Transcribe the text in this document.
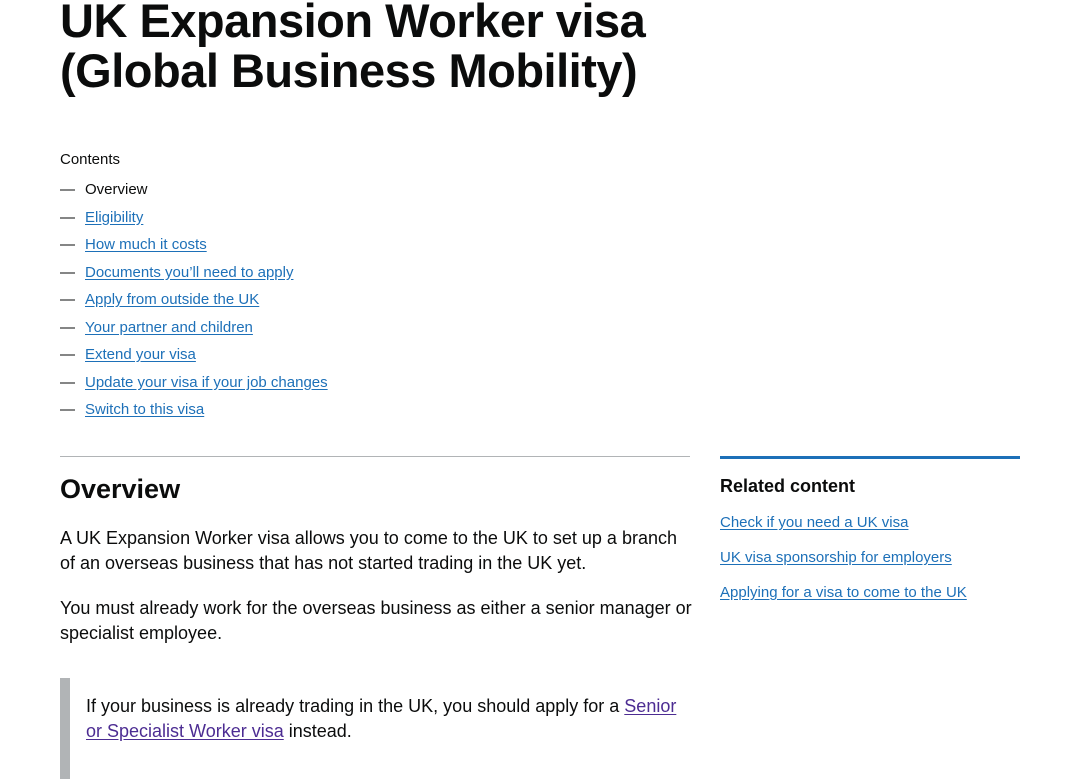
UK Expansion Worker visa (Global Business Mobility)
Contents
— Overview
— Eligibility
— How much it costs
— Documents you’ll need to apply
— Apply from outside the UK
— Your partner and children
— Extend your visa
— Update your visa if your job changes
— Switch to this visa
Overview

A UK Expansion Worker visa allows you to come to the UK to set up a branch of an overseas business that has not started trading in the UK yet.

You must already work for the overseas business as either a senior manager or specialist employee.

If your business is already trading in the UK, you should apply for a Senior or Specialist Worker visa instead.

Related content
Check if you need a UK visa
UK visa sponsorship for employers
Applying for a visa to come to the UK
